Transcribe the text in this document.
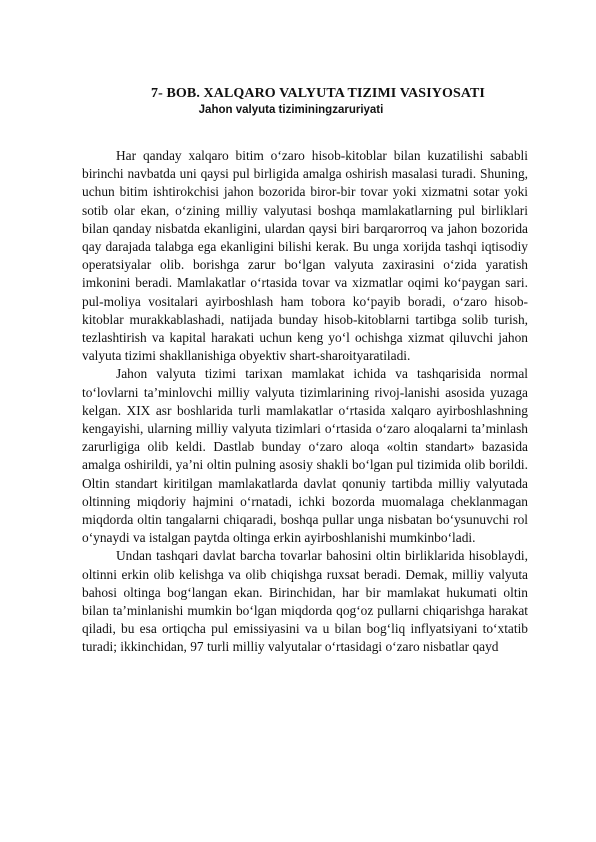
7- BOB. XALQARO VALYUTA TIZIMI VASIYOSATI
Jahon valyuta tiziminingzaruriyati

Har qanday xalqaro bitim o‘zaro hisob-kitoblar bilan kuzatilishi sababli birinchi navbatda uni qaysi pul birligida amalga oshirish masalasi turadi. Shuning, uchun bitim ishtirokchisi jahon bozorida biror-bir tovar yoki xizmatni sotar yoki sotib olar ekan, o‘zining milliy valyutasi boshqa mamlakatlarning pul birliklari bilan qanday nisbatda ekanligini, ulardan qaysi biri barqarorroq va jahon bozorida qay darajada talabga ega ekanligini bilishi kerak. Bu unga xorijda tashqi iqtisodiy operatsiyalar olib. borishga zarur bo‘lgan valyuta zaxirasini o‘zida yaratish imkonini beradi. Mamlakatlar o‘rtasida tovar va xizmatlar oqimi ko‘paygan sari. pul-moliya vositalari ayirboshlash ham tobora ko‘payib boradi, o‘zaro hisob-kitoblar murakkablashadi, natijada bunday hisob-kitoblarni tartibga solib turish, tezlashtirish va kapital harakati uchun keng yo‘l ochishga xizmat qiluvchi jahon valyuta tizimi shakllanishiga obyektiv shart-sharoityaratiladi.

Jahon valyuta tizimi tarixan mamlakat ichida va tashqarisida normal to‘lovlarni ta’minlovchi milliy valyuta tizimlarining rivoj-lanishi asosida yuzaga kelgan. XIX asr boshlarida turli mamlakatlar o‘rtasida xalqaro ayirboshlashning kengayishi, ularning milliy valyuta tizimlari o‘rtasida o‘zaro aloqalarni ta’minlash zarurligiga olib keldi. Dastlab bunday o‘zaro aloqa «oltin standart» bazasida amalga oshirildi, ya’ni oltin pulning asosiy shakli bo‘lgan pul tizimida olib borildi. Oltin standart kiritilgan mamlakatlarda davlat qonuniy tartibda milliy valyutada oltinning miqdoriy hajmini o‘rnatadi, ichki bozorda muomalaga cheklanmagan miqdorda oltin tangalarni chiqaradi, boshqa pullar unga nisbatan bo‘ysunuvchi rol o‘ynaydi va istalgan paytda oltinga erkin ayirboshlanishi mumkinbo‘ladi.

Undan tashqari davlat barcha tovarlar bahosini oltin birliklarida hisoblaydi, oltinni erkin olib kelishga va olib chiqishga ruxsat beradi. Demak, milliy valyuta bahosi oltinga bog‘langan ekan. Birinchidan, har bir mamlakat hukumati oltin bilan ta’minlanishi mumkin bo‘lgan miqdorda qog‘oz pullarni chiqarishga harakat qiladi, bu esa ortiqcha pul emissiyasini va u bilan bog‘liq inflyatsiyani to‘xtatib turadi; ikkinchidan, 97 turli milliy valyutalar o‘rtasidagi o‘zaro nisbatlar qayd
